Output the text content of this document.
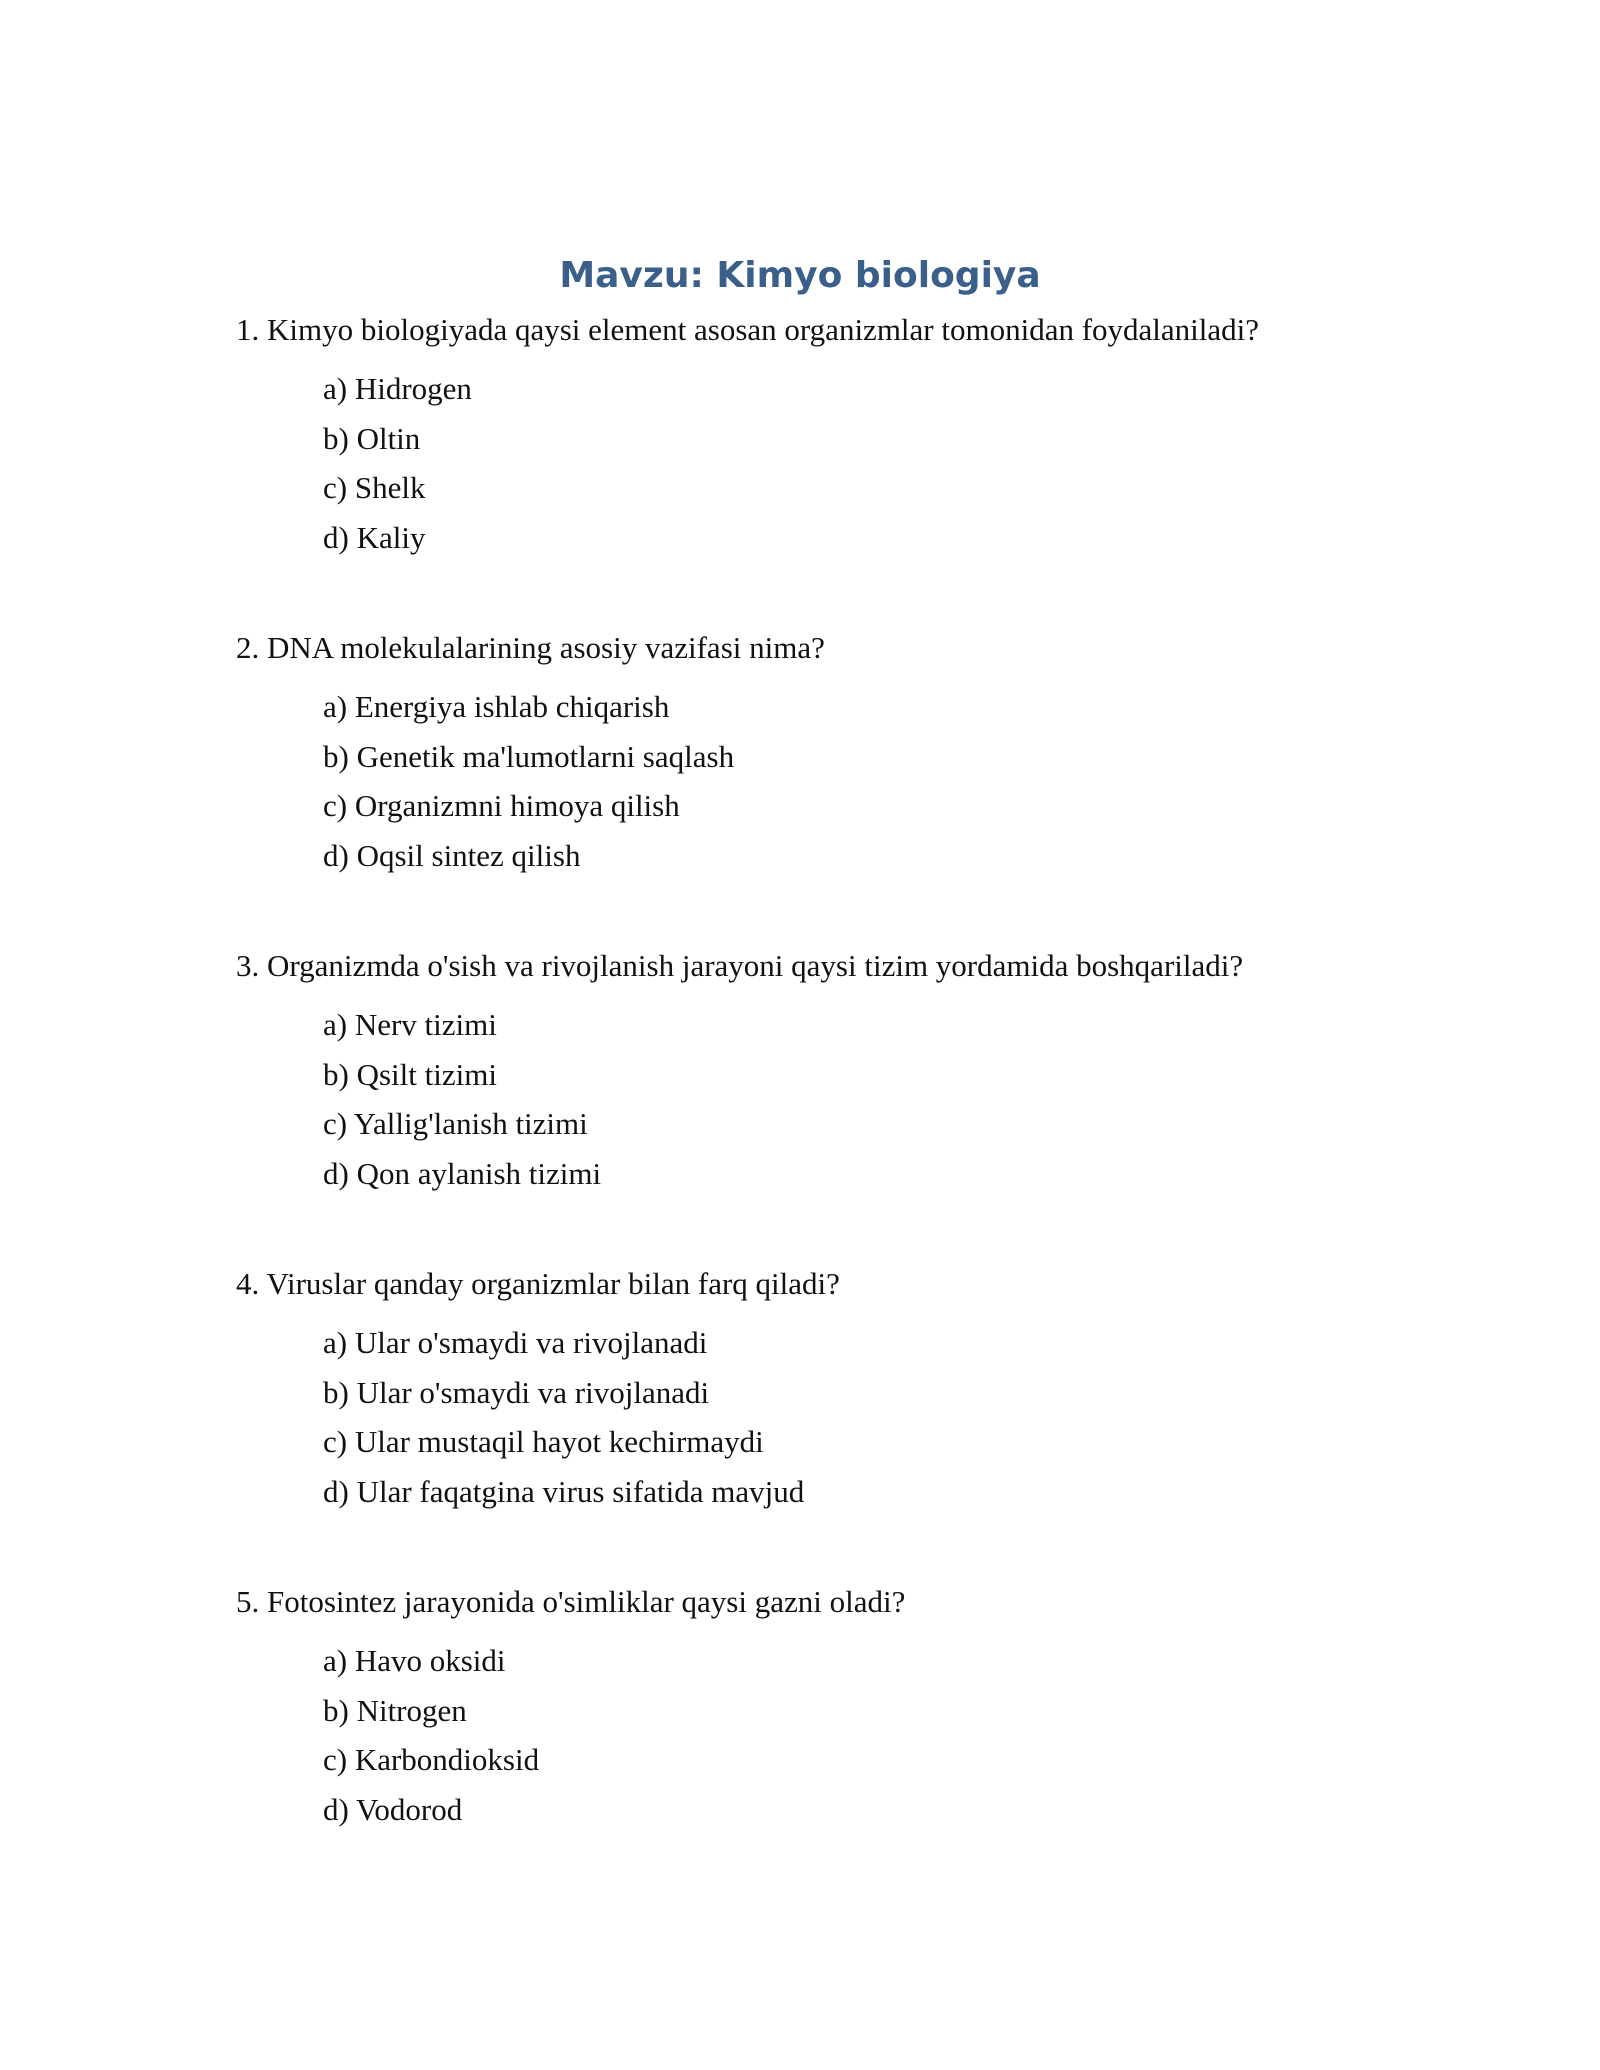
Mavzu: Kimyo biologiya

1. Kimyo biologiyada qaysi element asosan organizmlar tomonidan foydalaniladi?

a) Hidrogen
b) Oltin
c) Shelk
d) Kaliy

2. DNA molekulalarining asosiy vazifasi nima?

a) Energiya ishlab chiqarish
b) Genetik ma'lumotlarni saqlash
c) Organizmni himoya qilish
d) Oqsil sintez qilish

3. Organizmda o'sish va rivojlanish jarayoni qaysi tizim yordamida boshqariladi?

a) Nerv tizimi
b) Qsilt tizimi
c) Yallig'lanish tizimi
d) Qon aylanish tizimi

4. Viruslar qanday organizmlar bilan farq qiladi?

a) Ular o'smaydi va rivojlanadi
b) Ular o'smaydi va rivojlanadi
c) Ular mustaqil hayot kechirmaydi
d) Ular faqatgina virus sifatida mavjud

5. Fotosintez jarayonida o'simliklar qaysi gazni oladi?

a) Havo oksidi
b) Nitrogen
c) Karbondioksid
d) Vodorod
